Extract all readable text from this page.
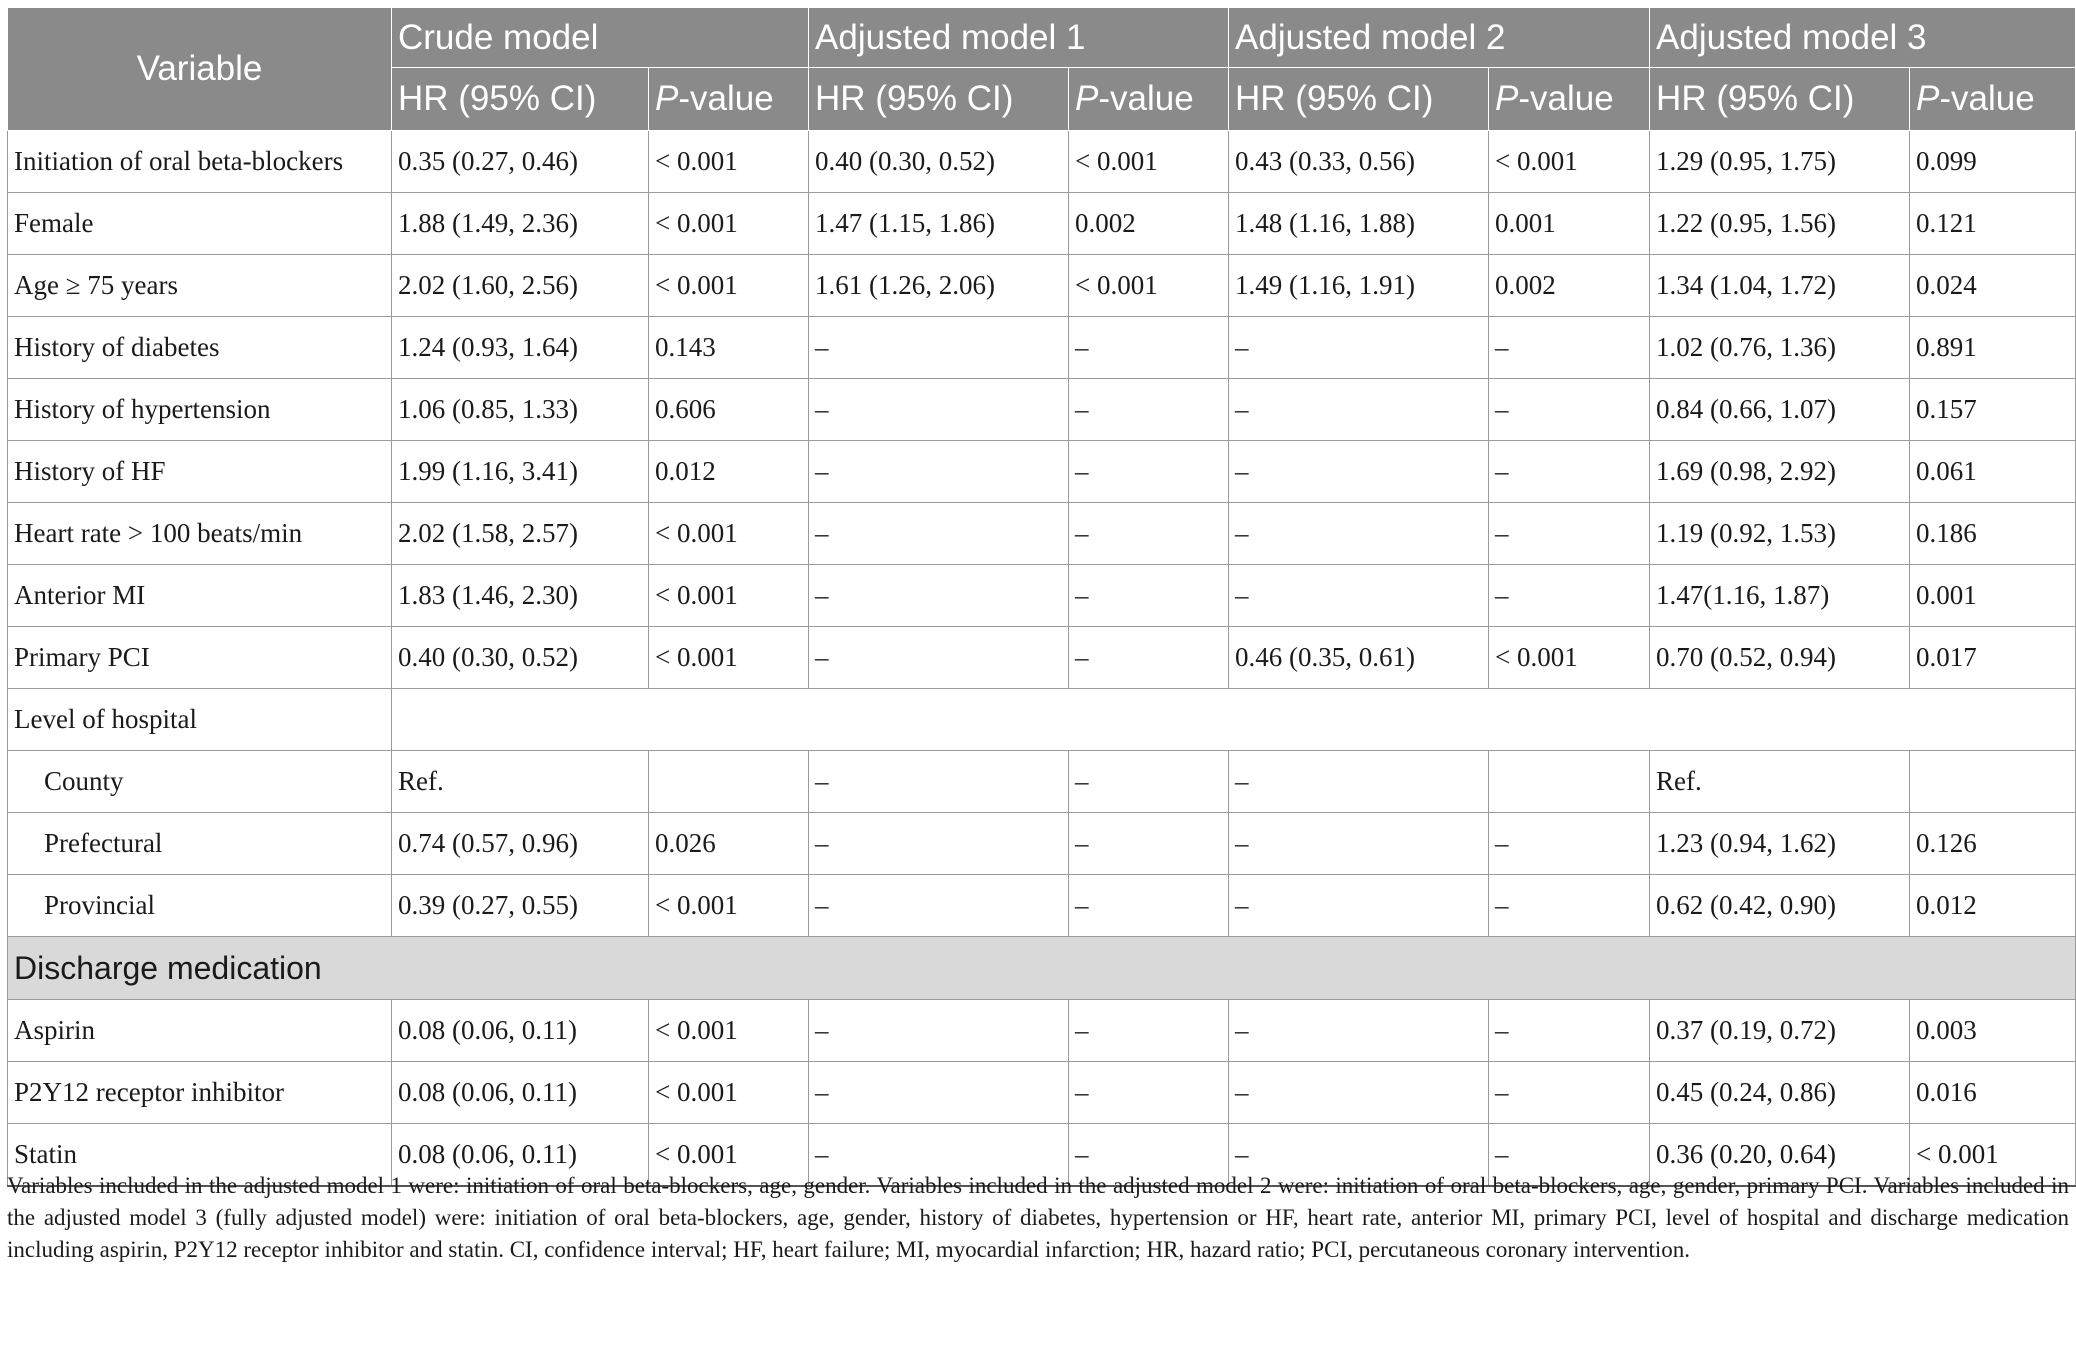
Variable	Crude model		Adjusted model 1		Adjusted model 2		Adjusted model 3	
	HR (95% CI)	P-value	HR (95% CI)	P-value	HR (95% CI)	P-value	HR (95% CI)	P-value
Initiation of oral beta-blockers	0.35 (0.27, 0.46)	< 0.001	0.40 (0.30, 0.52)	< 0.001	0.43 (0.33, 0.56)	< 0.001	1.29 (0.95, 1.75)	0.099
Female	1.88 (1.49, 2.36)	< 0.001	1.47 (1.15, 1.86)	0.002	1.48 (1.16, 1.88)	0.001	1.22 (0.95, 1.56)	0.121
Age ≥ 75 years	2.02 (1.60, 2.56)	< 0.001	1.61 (1.26, 2.06)	< 0.001	1.49 (1.16, 1.91)	0.002	1.34 (1.04, 1.72)	0.024
History of diabetes	1.24 (0.93, 1.64)	0.143	–	–	–	–	1.02 (0.76, 1.36)	0.891
History of hypertension	1.06 (0.85, 1.33)	0.606	–	–	–	–	0.84 (0.66, 1.07)	0.157
History of HF	1.99 (1.16, 3.41)	0.012	–	–	–	–	1.69 (0.98, 2.92)	0.061
Heart rate > 100 beats/min	2.02 (1.58, 2.57)	< 0.001	–	–	–	–	1.19 (0.92, 1.53)	0.186
Anterior MI	1.83 (1.46, 2.30)	< 0.001	–	–	–	–	1.47(1.16, 1.87)	0.001
Primary PCI	0.40 (0.30, 0.52)	< 0.001	–	–	0.46 (0.35, 0.61)	< 0.001	0.70 (0.52, 0.94)	0.017
Level of hospital								
County	Ref.		–	–	–		Ref.	
Prefectural	0.74 (0.57, 0.96)	0.026	–	–	–	–	1.23 (0.94, 1.62)	0.126
Provincial	0.39 (0.27, 0.55)	< 0.001	–	–	–	–	0.62 (0.42, 0.90)	0.012
Discharge medication								
Aspirin	0.08 (0.06, 0.11)	< 0.001	–	–	–	–	0.37 (0.19, 0.72)	0.003
P2Y12 receptor inhibitor	0.08 (0.06, 0.11)	< 0.001	–	–	–	–	0.45 (0.24, 0.86)	0.016
Statin	0.08 (0.06, 0.11)	< 0.001	–	–	–	–	0.36 (0.20, 0.64)	< 0.001
Variables included in the adjusted model 1 were: initiation of oral beta-blockers, age, gender. Variables included in the adjusted model 2 were: initiation of oral beta-blockers, age, gender, primary PCI. Variables included in the adjusted model 3 (fully adjusted model) were: initiation of oral beta-blockers, age, gender, history of diabetes, hypertension or HF, heart rate, anterior MI, primary PCI, level of hospital and discharge medication including aspirin, P2Y12 receptor inhibitor and statin. CI, confidence interval; HF, heart failure; MI, myocardial infarction; HR, hazard ratio; PCI, percutaneous coronary intervention.
